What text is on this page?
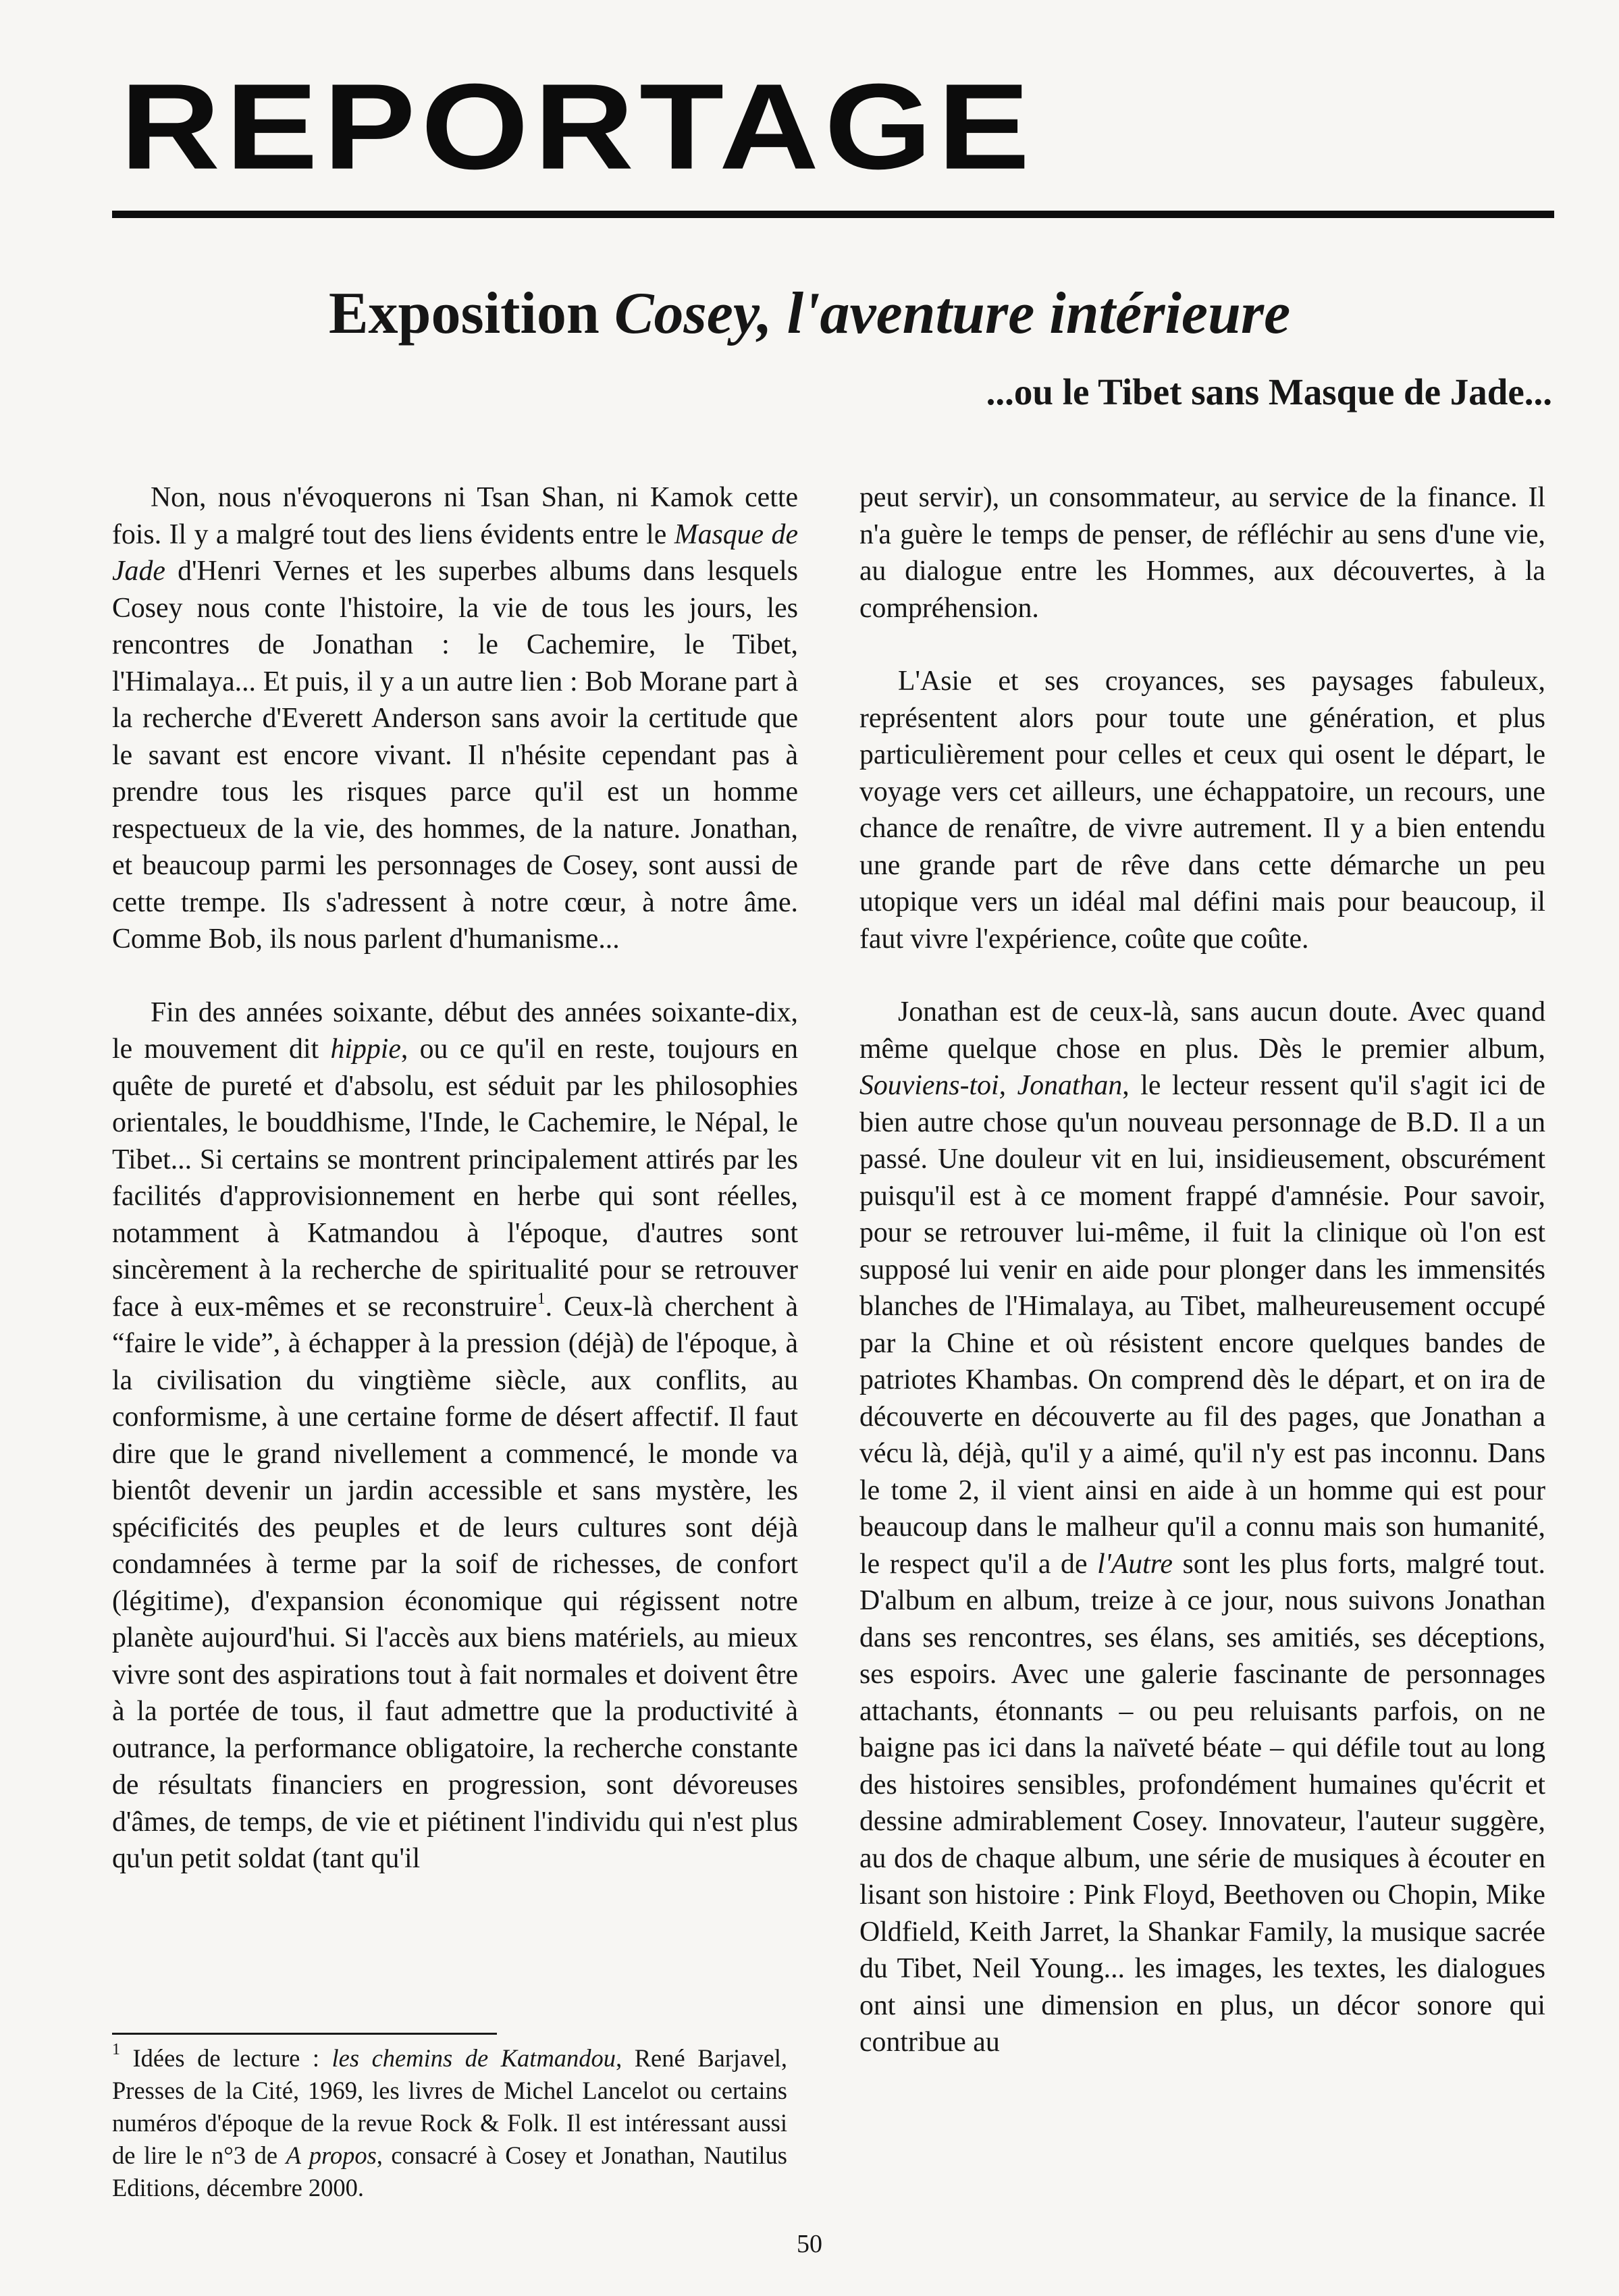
REPORTAGE
Exposition Cosey, l'aventure intérieure
...ou le Tibet sans Masque de Jade...

Non, nous n'évoquerons ni Tsan Shan, ni Kamok cette fois. Il y a malgré tout des liens évidents entre le Masque de Jade d'Henri Vernes et les superbes albums dans lesquels Cosey nous conte l'histoire, la vie de tous les jours, les rencontres de Jonathan : le Cachemire, le Tibet, l'Himalaya... Et puis, il y a un autre lien : Bob Morane part à la recherche d'Everett Anderson sans avoir la certitude que le savant est encore vivant. Il n'hésite cependant pas à prendre tous les risques parce qu'il est un homme respectueux de la vie, des hommes, de la nature. Jonathan, et beaucoup parmi les personnages de Cosey, sont aussi de cette trempe. Ils s'adressent à notre cœur, à notre âme. Comme Bob, ils nous parlent d'humanisme...

Fin des années soixante, début des années soixante-dix, le mouvement dit hippie, ou ce qu'il en reste, toujours en quête de pureté et d'absolu, est séduit par les philosophies orientales, le bouddhisme, l'Inde, le Cachemire, le Népal, le Tibet... Si certains se montrent principalement attirés par les facilités d'approvisionnement en herbe qui sont réelles, notamment à Katmandou à l'époque, d'autres sont sincèrement à la recherche de spiritualité pour se retrouver face à eux-mêmes et se reconstruire$^1$. Ceux-là cherchent à “faire le vide”, à échapper à la pression (déjà) de l'époque, à la civilisation du vingtième siècle, aux conflits, au conformisme, à une certaine forme de désert affectif. Il faut dire que le grand nivellement a commencé, le monde va bientôt devenir un jardin accessible et sans mystère, les spécificités des peuples et de leurs cultures sont déjà condamnées à terme par la soif de richesses, de confort (légitime), d'expansion économique qui régissent notre planète aujourd'hui. Si l'accès aux biens matériels, au mieux vivre sont des aspirations tout à fait normales et doivent être à la portée de tous, il faut admettre que la productivité à outrance, la performance obligatoire, la recherche constante de résultats financiers en progression, sont dévoreuses d'âmes, de temps, de vie et piétinent l'individu qui n'est plus qu'un petit soldat (tant qu'il

peut servir), un consommateur, au service de la finance. Il n'a guère le temps de penser, de réfléchir au sens d'une vie, au dialogue entre les Hommes, aux découvertes, à la compréhension.

L'Asie et ses croyances, ses paysages fabuleux, représentent alors pour toute une génération, et plus particulièrement pour celles et ceux qui osent le départ, le voyage vers cet ailleurs, une échappatoire, un recours, une chance de renaître, de vivre autrement. Il y a bien entendu une grande part de rêve dans cette démarche un peu utopique vers un idéal mal défini mais pour beaucoup, il faut vivre l'expérience, coûte que coûte.

Jonathan est de ceux-là, sans aucun doute. Avec quand même quelque chose en plus. Dès le premier album, Souviens-toi, Jonathan, le lecteur ressent qu'il s'agit ici de bien autre chose qu'un nouveau personnage de B.D. Il a un passé. Une douleur vit en lui, insidieusement, obscurément puisqu'il est à ce moment frappé d'amnésie. Pour savoir, pour se retrouver lui-même, il fuit la clinique où l'on est supposé lui venir en aide pour plonger dans les immensités blanches de l'Himalaya, au Tibet, malheureusement occupé par la Chine et où résistent encore quelques bandes de patriotes Khambas. On comprend dès le départ, et on ira de découverte en découverte au fil des pages, que Jonathan a vécu là, déjà, qu'il y a aimé, qu'il n'y est pas inconnu. Dans le tome 2, il vient ainsi en aide à un homme qui est pour beaucoup dans le malheur qu'il a connu mais son humanité, le respect qu'il a de l'Autre sont les plus forts, malgré tout. D'album en album, treize à ce jour, nous suivons Jonathan dans ses rencontres, ses élans, ses amitiés, ses déceptions, ses espoirs. Avec une galerie fascinante de personnages attachants, étonnants – ou peu reluisants parfois, on ne baigne pas ici dans la naïveté béate – qui défile tout au long des histoires sensibles, profondément humaines qu'écrit et dessine admirablement Cosey. Innovateur, l'auteur suggère, au dos de chaque album, une série de musiques à écouter en lisant son histoire : Pink Floyd, Beethoven ou Chopin, Mike Oldfield, Keith Jarret, la Shankar Family, la musique sacrée du Tibet, Neil Young... les images, les textes, les dialogues ont ainsi une dimension en plus, un décor sonore qui contribue au

$^1$ Idées de lecture : les chemins de Katmandou, René Barjavel, Presses de la Cité, 1969, les livres de Michel Lancelot ou certains numéros d'époque de la revue Rock & Folk. Il est intéressant aussi de lire le n°3 de A propos, consacré à Cosey et Jonathan, Nautilus Editions, décembre 2000.

50
